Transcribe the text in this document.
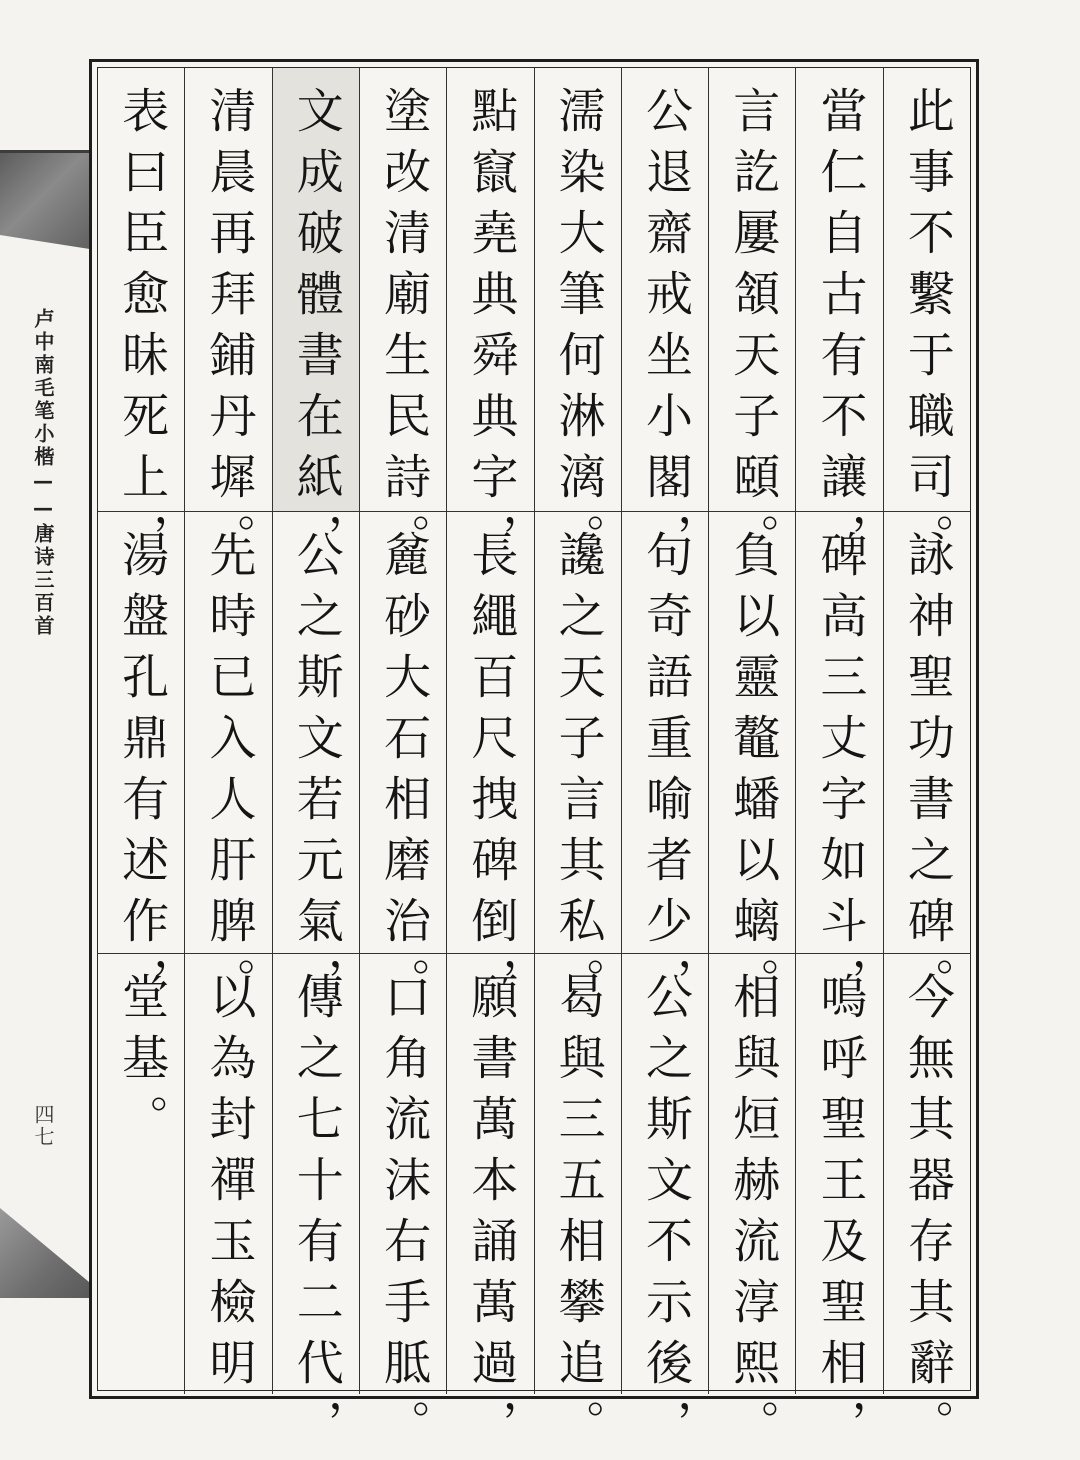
卢中南毛笔小楷——唐诗三百首
四七
此事不繫于職司。
當仁自古有不讓，
言訖屢頷天子頤。
公退齋戒坐小閣，
濡染大筆何淋漓。
點竄堯典舜典字，
塗改清廟生民詩。
文成破體書在紙，
清晨再拜鋪丹墀。
表曰臣愈昧死上，
詠神聖功書之碑。
碑高三丈字如斗，
負以靈鼇蟠以螭。
句奇語重喻者少，
讒之天子言其私。
長繩百尺拽碑倒，
麄砂大石相磨治。
公之斯文若元氣，
先時已入人肝脾。
湯盤孔鼎有述作，
今無其器存其辭。
嗚呼聖王及聖相，
相與烜赫流淳熙。
公之斯文不示後，
曷與三五相攀追。
願書萬本誦萬過，
口角流沫右手胝。
傳之七十有二代，
以為封禪玉檢明
堂基。
